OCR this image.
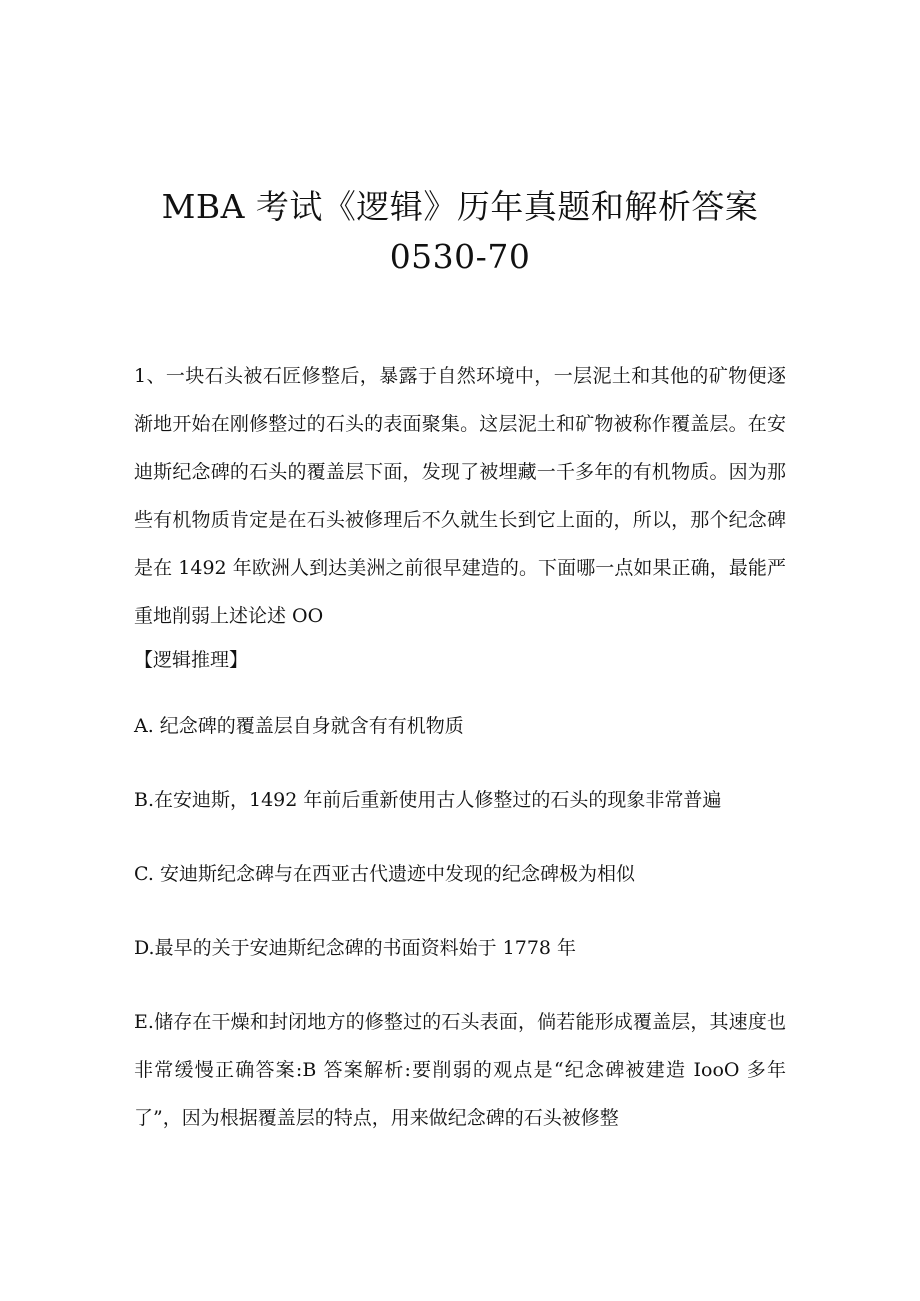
MBA 考试《逻辑》历年真题和解析答案
0530-70

1、一块石头被石匠修整后，暴露于自然环境中，一层泥土和其他的矿物便逐渐地开始在刚修整过的石头的表面聚集。这层泥土和矿物被称作覆盖层。在安迪斯纪念碑的石头的覆盖层下面，发现了被埋藏一千多年的有机物质。因为那些有机物质肯定是在石头被修理后不久就生长到它上面的，所以，那个纪念碑是在 1492 年欧洲人到达美洲之前很早建造的。下面哪一点如果正确，最能严重地削弱上述论述 OO

【逻辑推理】

A. 纪念碑的覆盖层自身就含有有机物质

B.在安迪斯，1492 年前后重新使用古人修整过的石头的现象非常普遍

C. 安迪斯纪念碑与在西亚古代遗迹中发现的纪念碑极为相似

D.最早的关于安迪斯纪念碑的书面资料始于 1778 年

E.储存在干燥和封闭地方的修整过的石头表面，倘若能形成覆盖层，其速度也非常缓慢正确答案:B 答案解析:要削弱的观点是“纪念碑被建造 IooO 多年了”，因为根据覆盖层的特点，用来做纪念碑的石头被修整
